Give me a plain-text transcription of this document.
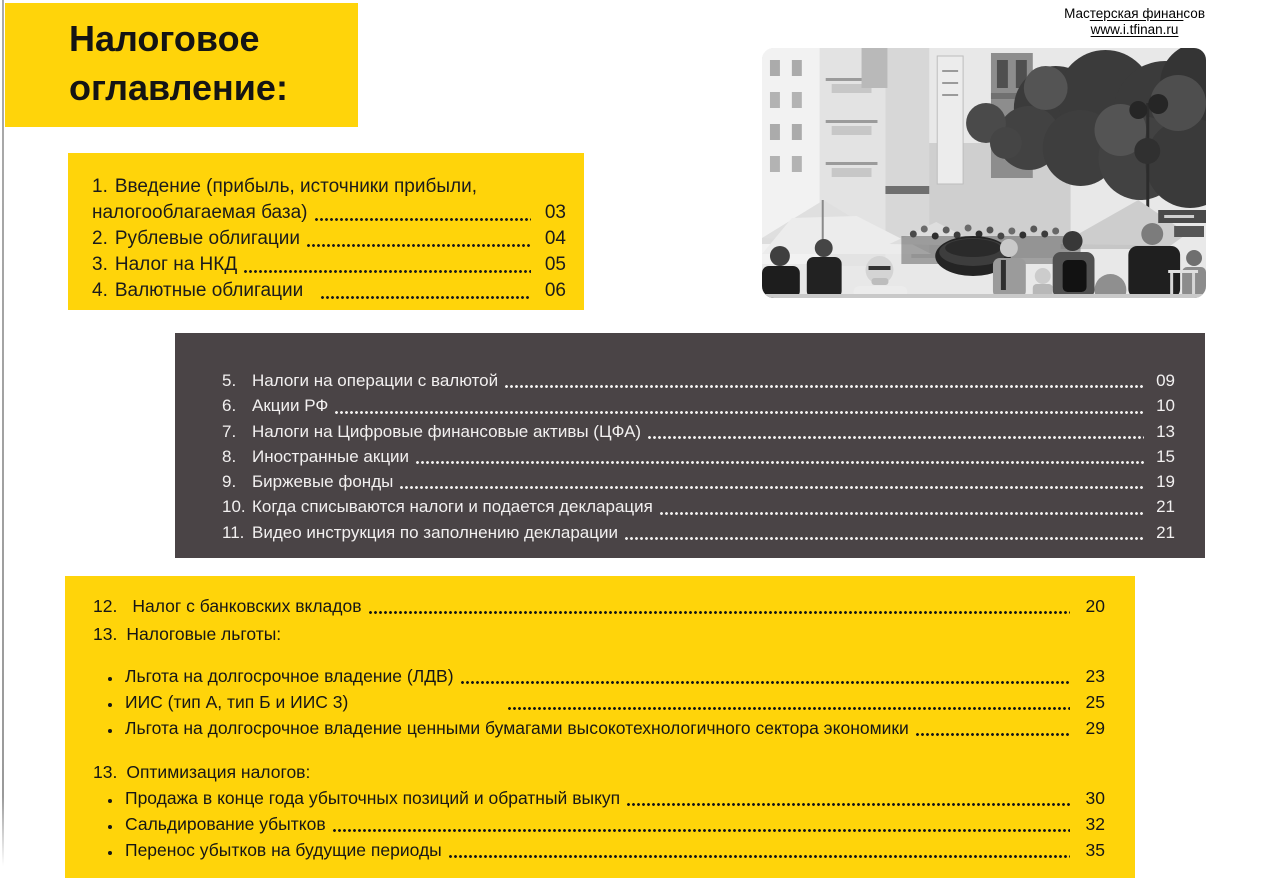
Налоговое
оглавление:
Мастерская финансов
www.i.tfinan.ru
1. Введение (прибыль, источники прибыли,
налогооблагаемая база)	03
2. Рублевые облигации	04
3. Налог на НКД	05
4. Валютные облигации	06
5. Налоги на операции с валютой	09
6. Акции РФ	10
7. Налоги на Цифровые финансовые активы (ЦФА)	13
8. Иностранные акции	15
9. Биржевые фонды	19
10. Когда списываются налоги и подается декларация	21
11. Видео инструкция по заполнению декларации	21
12. Налог с банковских вкладов	20
13. Налоговые льготы:
Льгота на долгосрочное владение (ЛДВ)	23
ИИС (тип А, тип Б и ИИС 3)	25
Льгота на долгосрочное владение ценными бумагами высокотехнологичного сектора экономики	29
13. Оптимизация налогов:
Продажа в конце года убыточных позиций и обратный выкуп	30
Сальдирование убытков	32
Перенос убытков на будущие периоды	35
